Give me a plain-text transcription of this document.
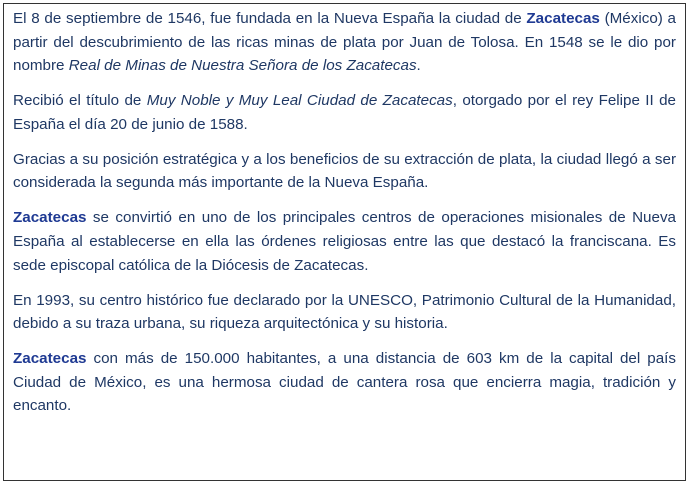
El 8 de septiembre de 1546, fue fundada en la Nueva España la ciudad de Zacatecas (México) a partir del descubrimiento de las ricas minas de plata por Juan de Tolosa. En 1548 se le dio por nombre Real de Minas de Nuestra Señora de los Zacatecas.

Recibió el título de Muy Noble y Muy Leal Ciudad de Zacatecas, otorgado por el rey Felipe II de España el día 20 de junio de 1588.

Gracias a su posición estratégica y a los beneficios de su extracción de plata, la ciudad llegó a ser considerada la segunda más importante de la Nueva España.

Zacatecas se convirtió en uno de los principales centros de operaciones misionales de Nueva España al establecerse en ella las órdenes religiosas entre las que destacó la franciscana. Es sede episcopal católica de la Diócesis de Zacatecas.

En 1993, su centro histórico fue declarado por la UNESCO, Patrimonio Cultural de la Humanidad, debido a su traza urbana, su riqueza arquitectónica y su historia.

Zacatecas con más de 150.000 habitantes, a una distancia de 603 km de la capital del país Ciudad de México, es una hermosa ciudad de cantera rosa que encierra magia, tradición y encanto.
